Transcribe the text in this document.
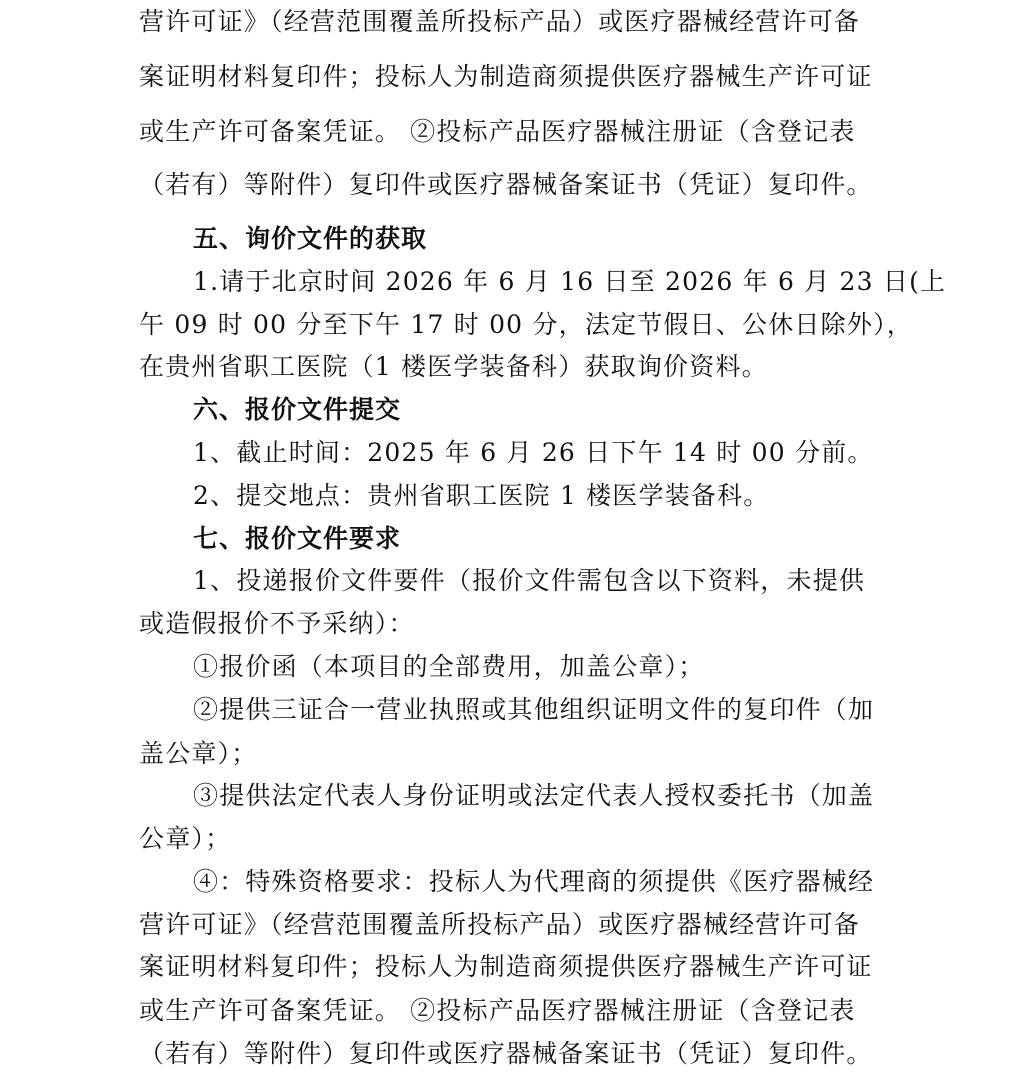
营许可证》（经营范围覆盖所投标产品）或医疗器械经营许可备
案证明材料复印件；投标人为制造商须提供医疗器械生产许可证
或生产许可备案凭证。 ②投标产品医疗器械注册证（含登记表
（若有）等附件）复印件或医疗器械备案证书（凭证）复印件。
五、询价文件的获取
1.请于北京时间 2026 年 6 月 16 日至 2026 年 6 月 23 日(上
午 09 时 00 分至下午 17 时 00 分，法定节假日、公休日除外），
在贵州省职工医院（1 楼医学装备科）获取询价资料。
六、报价文件提交
1、截止时间：2025 年 6 月 26 日下午 14 时 00 分前。
2、提交地点：贵州省职工医院 1 楼医学装备科。
七、报价文件要求
1、投递报价文件要件（报价文件需包含以下资料，未提供
或造假报价不予采纳）：
①报价函（本项目的全部费用，加盖公章）；
②提供三证合一营业执照或其他组织证明文件的复印件（加
盖公章）；
③提供法定代表人身份证明或法定代表人授权委托书（加盖
公章）；
④：特殊资格要求：投标人为代理商的须提供《医疗器械经
营许可证》（经营范围覆盖所投标产品）或医疗器械经营许可备
案证明材料复印件；投标人为制造商须提供医疗器械生产许可证
或生产许可备案凭证。 ②投标产品医疗器械注册证（含登记表
（若有）等附件）复印件或医疗器械备案证书（凭证）复印件。
